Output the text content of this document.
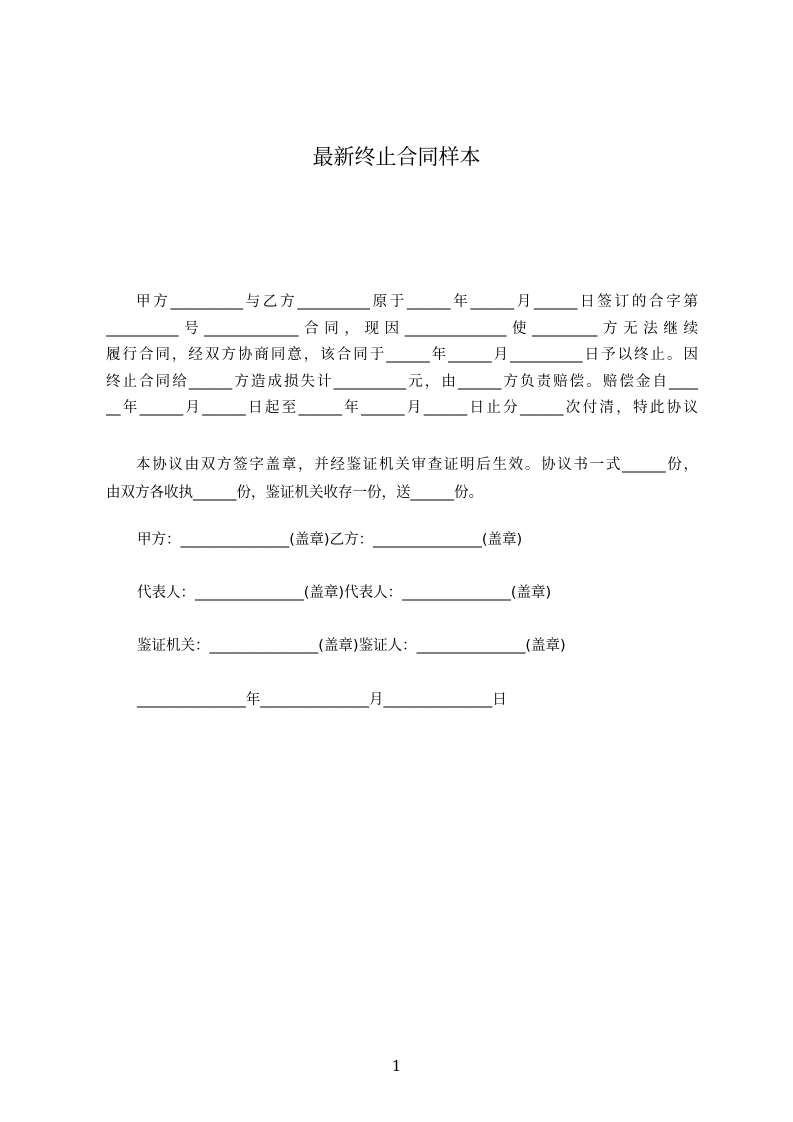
最新终止合同样本
甲方__________与乙方__________原于______年______月______日签订的合字第
__________号_____________合同，现因______________使_________方无法继续
履行合同，经双方协商同意，该合同于______年______月__________日予以终止。因
终止合同给______方造成损失计__________元，由______方负责赔偿。赔偿金自____
__年______月______日起至______年______月______日止分______次付清，特此协议
本协议由双方签字盖章，并经鉴证机关审查证明后生效。协议书一式______份，
由双方各收执______份，鉴证机关收存一份，送______份。
甲方：_______________(盖章)乙方：_______________(盖章)
代表人：_______________(盖章)代表人：_______________(盖章)
鉴证机关：_______________(盖章)鉴证人：_______________(盖章)
_______________年_______________月_______________日
1
